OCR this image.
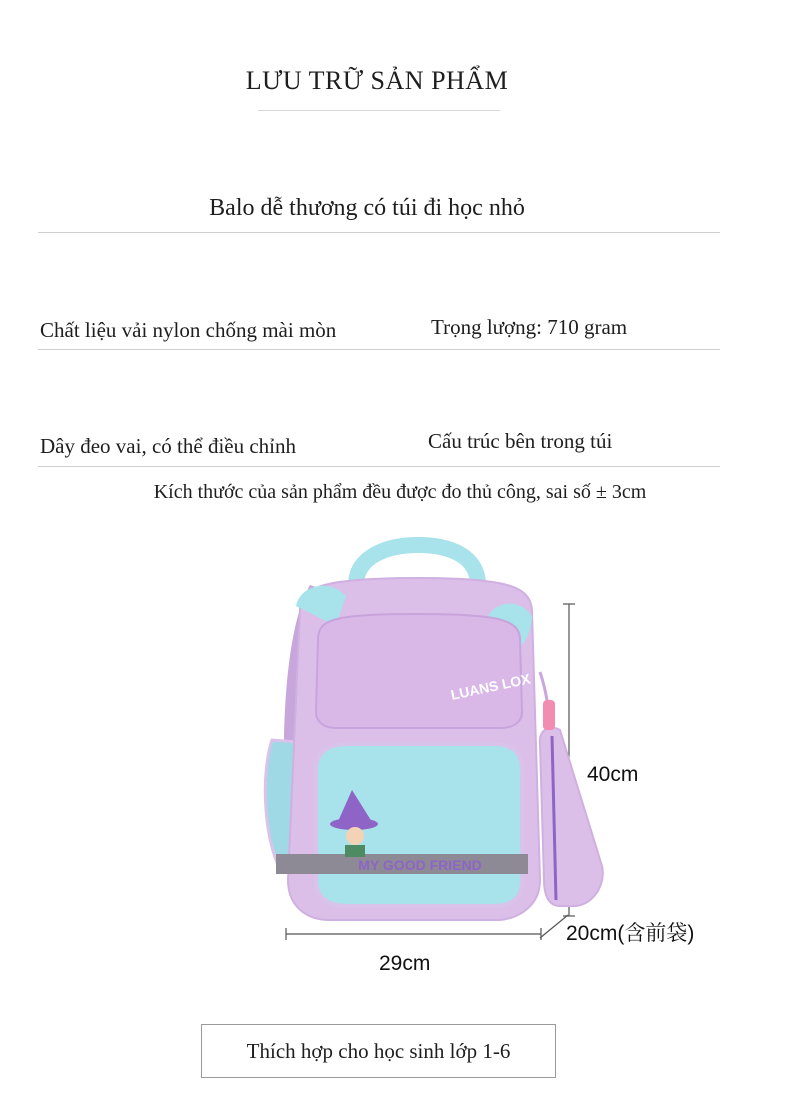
LƯU TRỮ SẢN PHẨM
Balo dễ thương có túi đi học nhỏ
Chất liệu vải nylon chống mài mòn	Trọng lượng: 710 gram
Dây đeo vai, có thể điều chỉnh	Cấu trúc bên trong túi
Kích thước của sản phẩm đều được đo thủ công, sai số ± 3cm
LUANS LOX
MY GOOD FRIEND
40cm
20cm(含前袋)
29cm
Thích hợp cho học sinh lớp 1-6
